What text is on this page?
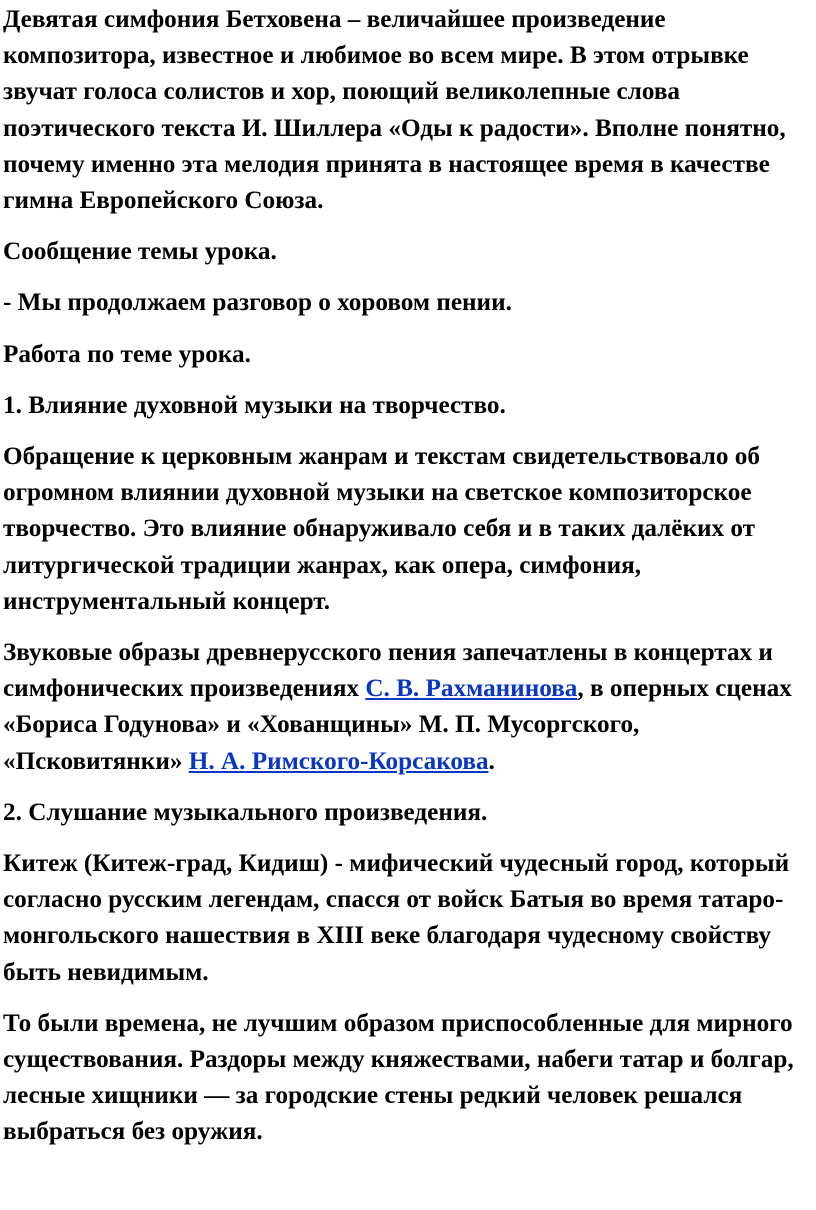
Девятая симфония Бетховена – величайшее произведение композитора, известное и любимое во всем мире. В этом отрывке звучат голоса солистов и хор, поющий великолепные слова поэтического текста И. Шиллера «Оды к радости». Вполне понятно, почему именно эта мелодия принята в настоящее время в качестве гимна Европейского Союза.

Сообщение темы урока.

- Мы продолжаем разговор о хоровом пении.

Работа по теме урока.

1. Влияние духовной музыки на творчество.

Обращение к церковным жанрам и текстам свидетельствовало об огромном влиянии духовной музыки на светское композиторское творчество. Это влияние обнаруживало себя и в таких далёких от литургической традиции жанрах, как опера, симфония, инструментальный концерт.

Звуковые образы древнерусского пения запечатлены в концертах и симфонических произведениях С. В. Рахманинова, в оперных сценах «Бориса Годунова» и «Хованщины» М. П. Мусоргского, «Псковитянки» Н. А. Римского-Корсакова.

2. Слушание музыкального произведения.

Китеж (Китеж-град, Кидиш) - мифический чудесный город, который согласно русским легендам, спасся от войск Батыя во время татаро-монгольского нашествия в XIII веке благодаря чудесному свойству быть невидимым.

То были времена, не лучшим образом приспособленные для мирного существования. Раздоры между княжествами, набеги татар и болгар, лесные хищники — за городские стены редкий человек решался выбраться без оружия.
